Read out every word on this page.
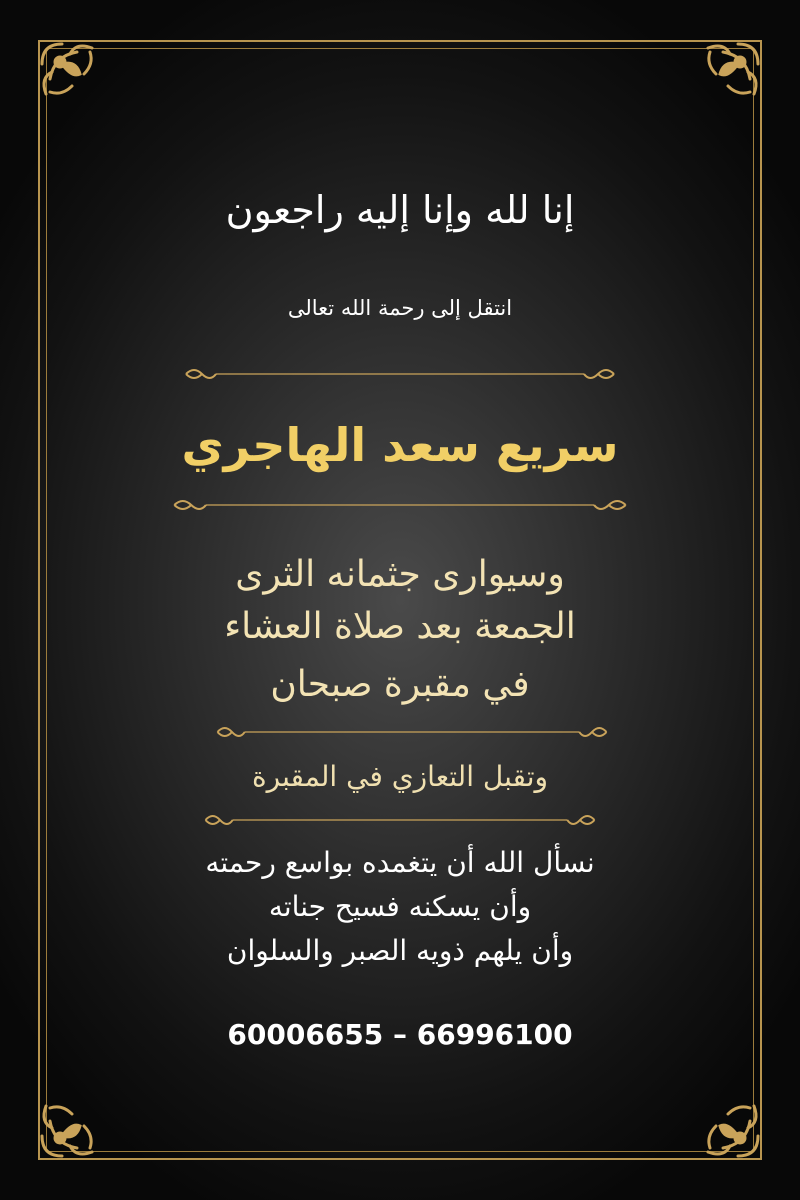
إنا لله وإنا إليه راجعون
انتقل إلى رحمة الله تعالى
سريع سعد الهاجري
وسيوارى جثمانه الثرى
الجمعة بعد صلاة العشاء
في مقبرة صبحان
وتقبل التعازي في المقبرة
نسأل الله أن يتغمده بواسع رحمته
وأن يسكنه فسيح جناته
وأن يلهم ذويه الصبر والسلوان
60006655 – 66996100
